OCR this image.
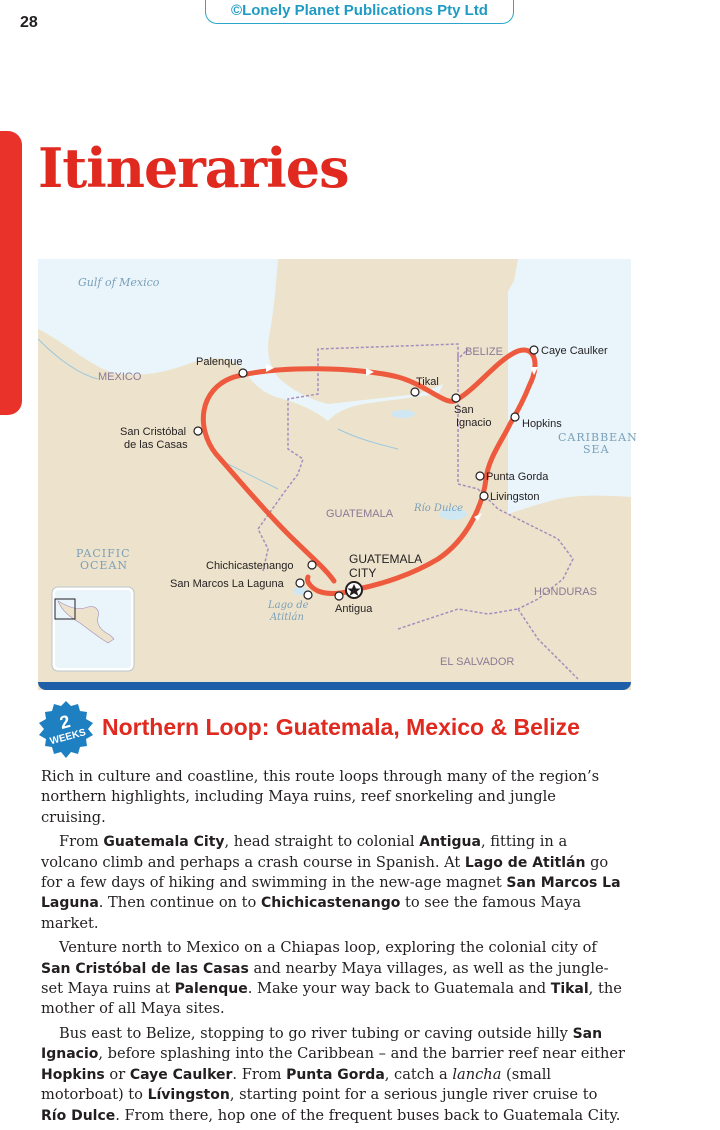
28
©Lonely Planet Publications Pty Ltd
Itineraries
Gulf of Mexico
PACIFIC
OCEAN
CARIBBEAN
SEA
MEXICO
BELIZE
GUATEMALA
HONDURAS
EL SALVADOR
Río Dulce
Lago de
Atitlán
GUATEMALA
CITY
Palenque
San Cristóbal
de las Casas
Tikal
San
Ignacio
Caye Caulker
Hopkins
Punta Gorda
Livingston
Chichicastenango
San Marcos La Laguna
Antigua
2
WEEKS Northern Loop: Guatemala, Mexico & Belize

Rich in culture and coastline, this route loops through many of the region’s northern highlights, including Maya ruins, reef snorkeling and jungle cruising.

From Guatemala City, head straight to colonial Antigua, fitting in a volcano climb and perhaps a crash course in Spanish. At Lago de Atitlán go for a few days of hiking and swimming in the new-age magnet San Marcos La Laguna. Then continue on to Chichicastenango to see the famous Maya market.

Venture north to Mexico on a Chiapas loop, exploring the colonial city of San Cristóbal de las Casas and nearby Maya villages, as well as the jungle-set Maya ruins at Palenque. Make your way back to Guatemala and Tikal, the mother of all Maya sites.

Bus east to Belize, stopping to go river tubing or caving outside hilly San Ignacio, before splashing into the Caribbean – and the barrier reef near either Hopkins or Caye Caulker. From Punta Gorda, catch a lancha (small motorboat) to Lívingston, starting point for a serious jungle river cruise to Río Dulce. From there, hop one of the frequent buses back to Guatemala City.
